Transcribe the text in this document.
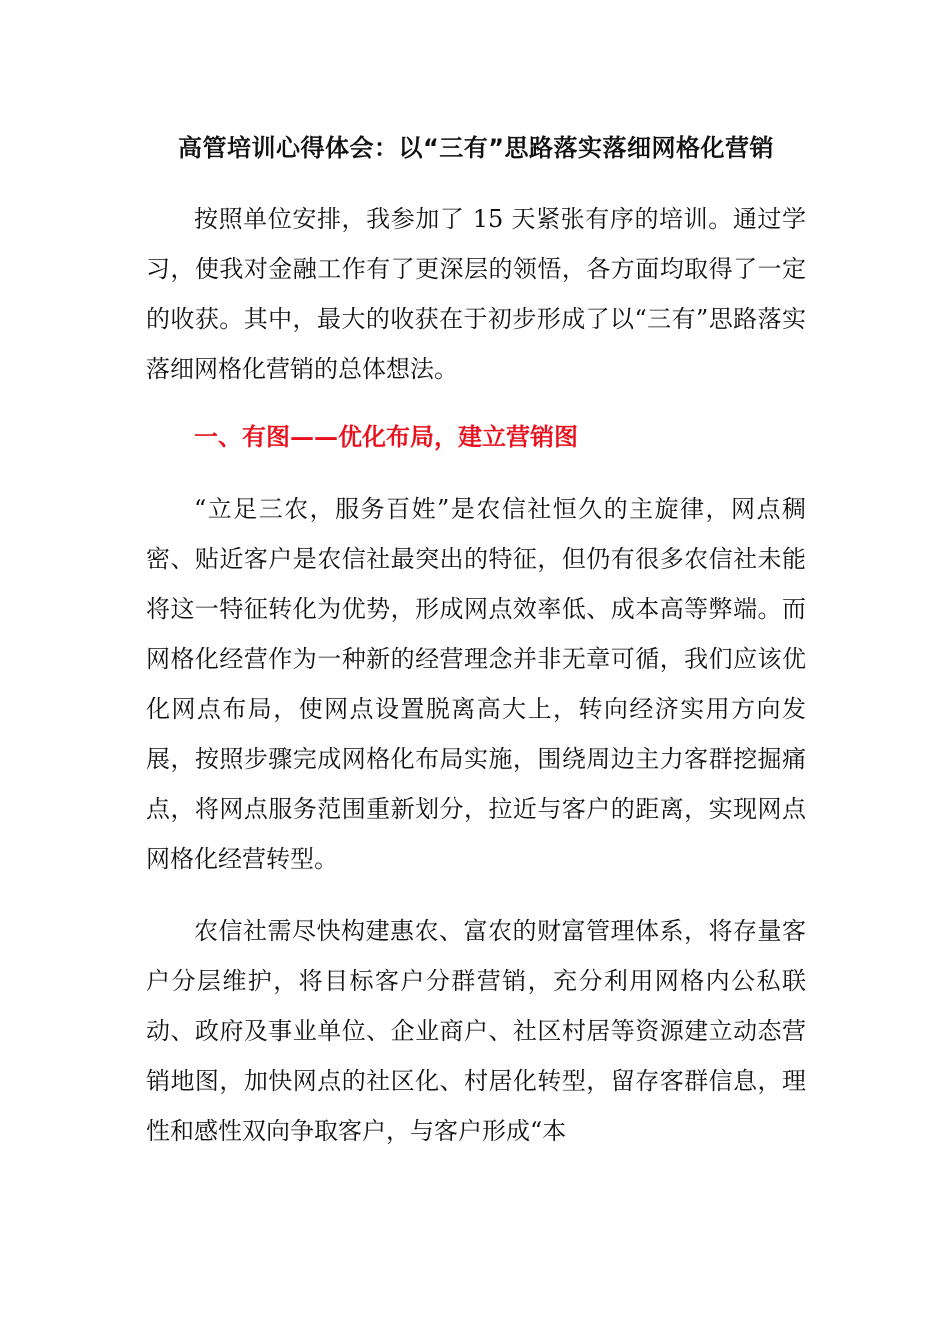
高管培训心得体会：以“三有”思路落实落细网格化营销

按照单位安排，我参加了 15 天紧张有序的培训。通过学习，使我对金融工作有了更深层的领悟，各方面均取得了一定的收获。其中，最大的收获在于初步形成了以“三有”思路落实落细网格化营销的总体想法。

一、有图——优化布局，建立营销图

“立足三农，服务百姓”是农信社恒久的主旋律，网点稠密、贴近客户是农信社最突出的特征，但仍有很多农信社未能将这一特征转化为优势，形成网点效率低、成本高等弊端。而网格化经营作为一种新的经营理念并非无章可循，我们应该优化网点布局，使网点设置脱离高大上，转向经济实用方向发展，按照步骤完成网格化布局实施，围绕周边主力客群挖掘痛点，将网点服务范围重新划分，拉近与客户的距离，实现网点网格化经营转型。

农信社需尽快构建惠农、富农的财富管理体系，将存量客户分层维护，将目标客户分群营销，充分利用网格内公私联动、政府及事业单位、企业商户、社区村居等资源建立动态营销地图，加快网点的社区化、村居化转型，留存客群信息，理性和感性双向争取客户，与客户形成“本
